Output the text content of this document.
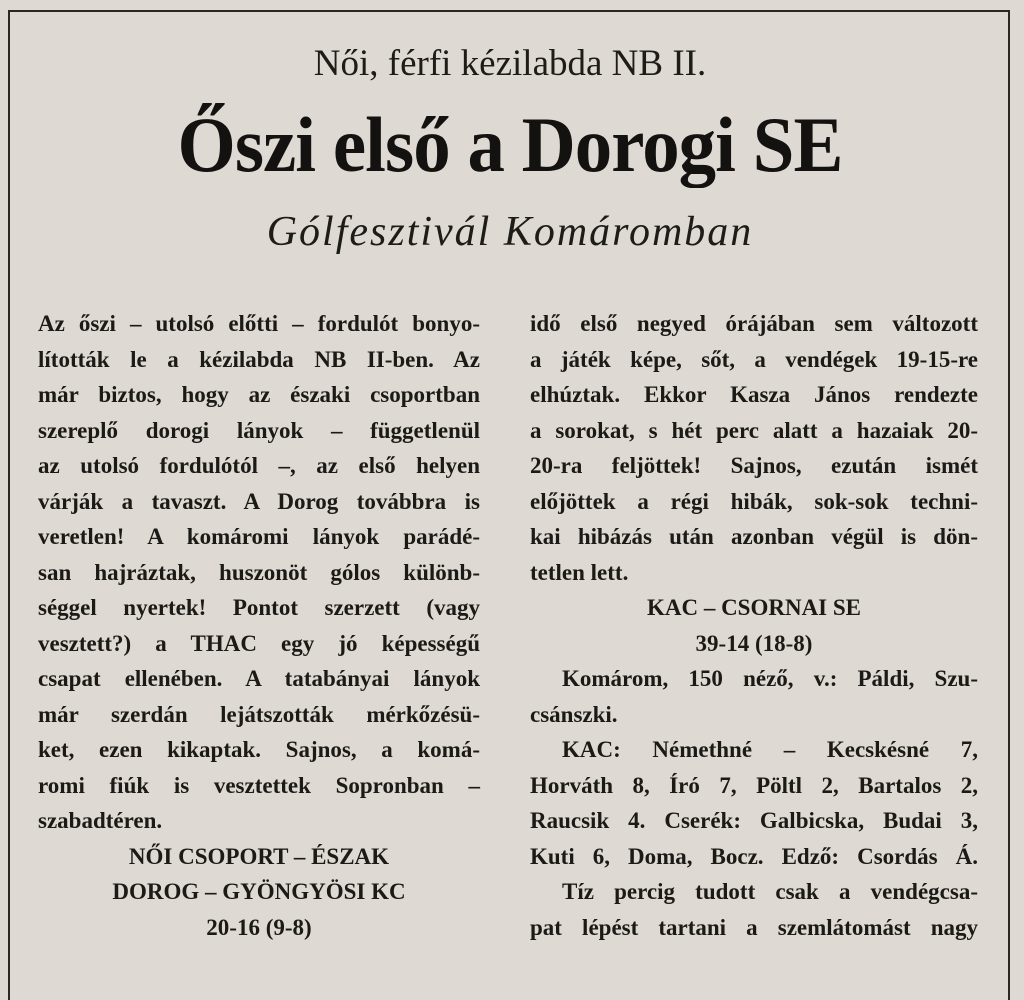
Női, férfi kézilabda NB II.
Őszi első a Dorogi SE
Gólfesztivál Komáromban
Az őszi – utolsó előtti – fordulót bonyo-
lították le a kézilabda NB II-ben. Az
már biztos, hogy az északi csoportban
szereplő dorogi lányok – függetlenül
az utolsó fordulótól –, az első helyen
várják a tavaszt. A Dorog továbbra is
veretlen! A komáromi lányok parádé-
san hajráztak, huszonöt gólos különb-
séggel nyertek! Pontot szerzett (vagy
vesztett?) a THAC egy jó képességű
csapat ellenében. A tatabányai lányok
már szerdán lejátszották mérkőzésü-
ket, ezen kikaptak. Sajnos, a komá-
romi fiúk is vesztettek Sopronban –
szabadtéren.
NŐI CSOPORT – ÉSZAK
DOROG – GYÖNGYÖSI KC
20-16 (9-8)
idő első negyed órájában sem változott
a játék képe, sőt, a vendégek 19-15-re
elhúztak. Ekkor Kasza János rendezte
a sorokat, s hét perc alatt a hazaiak 20-
20-ra feljöttek! Sajnos, ezután ismét
előjöttek a régi hibák, sok-sok techni-
kai hibázás után azonban végül is dön-
tetlen lett.
KAC – CSORNAI SE
39-14 (18-8)
Komárom, 150 néző, v.: Páldi, Szu-
csánszki.
KAC: Némethné – Kecskésné 7,
Horváth 8, Író 7, Pöltl 2, Bartalos 2,
Raucsik 4. Cserék: Galbicska, Budai 3,
Kuti 6, Doma, Bocz. Edző: Csordás Á.
Tíz percig tudott csak a vendégcsa-
pat lépést tartani a szemlátomást nagy
